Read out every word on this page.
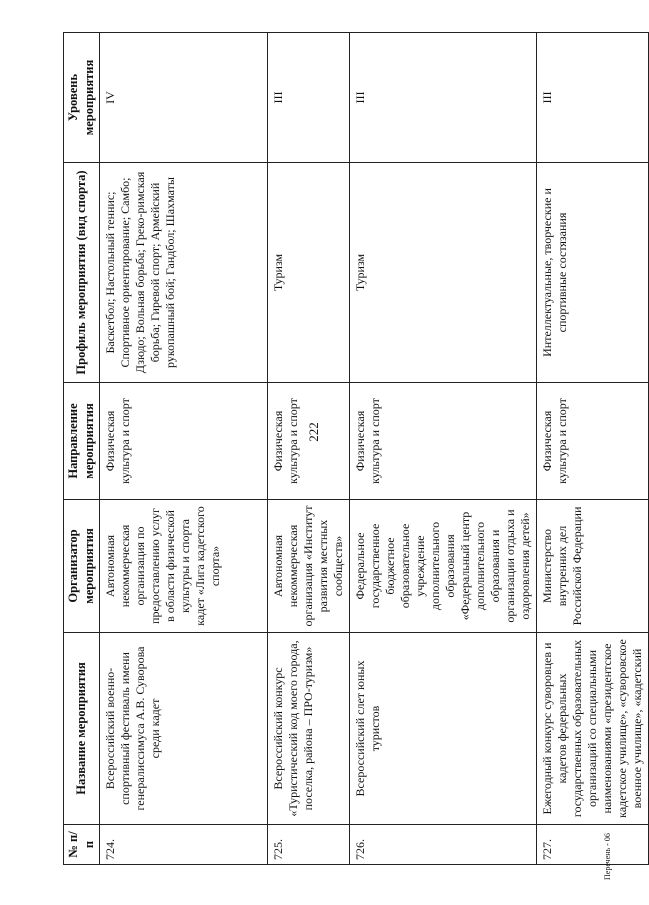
222
№ п/п	Название мероприятия	Организатор мероприятия	Направление мероприятия	Профиль мероприятия (вид спорта)	Уровень мероприятия
724.	Всероссийский военно-спортивный фестиваль имени генералиссимуса А.В. Суворова среди кадет	Автономная некоммерческая организация по предоставлению услуг в области физической культуры и спорта кадет «Лига кадетского спорта»	Физическая культура и спорт	Баскетбол; Настольный теннис; Спортивное ориентирование; Самбо; Дзюдо; Вольная борьба; Греко-римская борьба; Гиревой спорт; Армейский рукопашный бой; Гандбол; Шахматы	IV
725.	Всероссийский конкурс «Туристический код моего города, поселка, района – ПРО-туризм»	Автономная некоммерческая организация «Институт развития местных сообществ»	Физическая культура и спорт	Туризм	III
726.	Всероссийский слет юных туристов	Федеральное государственное бюджетное образовательное учреждение дополнительного образования «Федеральный центр дополнительного образования и организации отдыха и оздоровления детей»	Физическая культура и спорт	Туризм	III
727.	Ежегодный конкурс суворовцев и кадетов федеральных государственных образовательных организаций со специальными наименованиями «президентское кадетское училище», «суворовское военное училище», «кадетский	Министерство внутренних дел Российской Федерации	Физическая культура и спорт	Интеллектуальные, творческие и спортивные состязания	III
Перечень - 06
